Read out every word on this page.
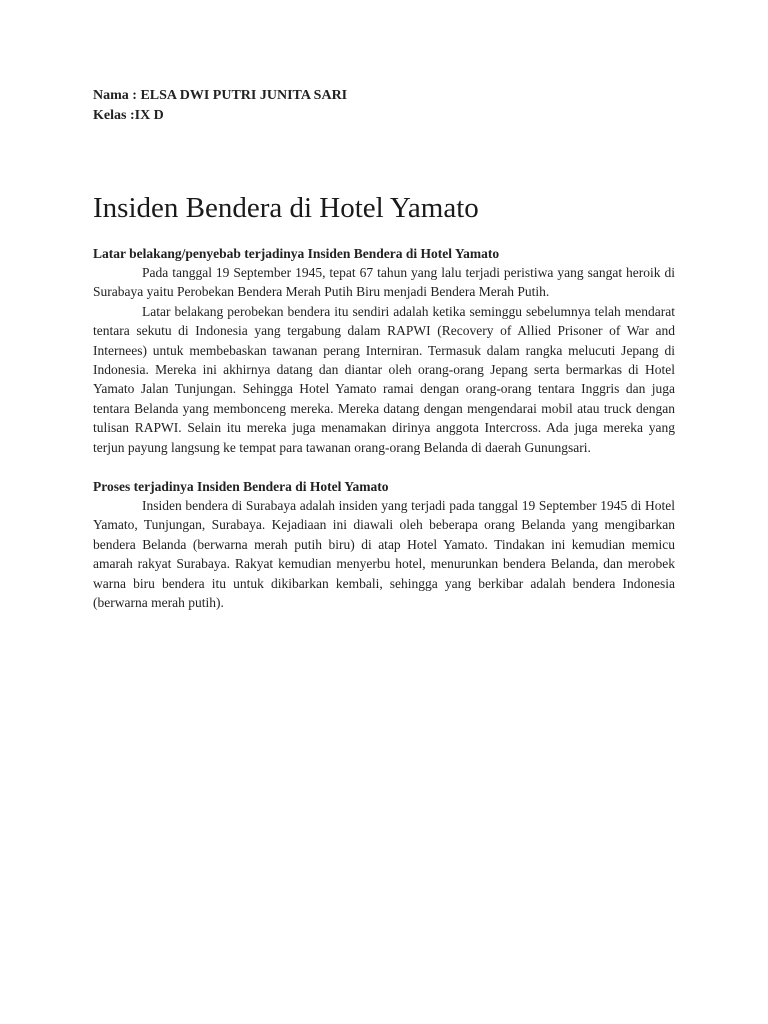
Nama : ELSA DWI PUTRI JUNITA SARI
Kelas :IX D
Insiden Bendera di Hotel Yamato
Latar belakang/penyebab terjadinya Insiden Bendera di Hotel Yamato

Pada tanggal 19 September 1945, tepat 67 tahun yang lalu terjadi peristiwa yang sangat heroik di Surabaya yaitu Perobekan Bendera Merah Putih Biru menjadi Bendera Merah Putih.

Latar belakang perobekan bendera itu sendiri adalah ketika seminggu sebelumnya telah mendarat tentara sekutu di Indonesia yang tergabung dalam RAPWI (Recovery of Allied Prisoner of War and Internees) untuk membebaskan tawanan perang Interniran. Termasuk dalam rangka melucuti Jepang di Indonesia. Mereka ini akhirnya datang dan diantar oleh orang-orang Jepang serta bermarkas di Hotel Yamato Jalan Tunjungan. Sehingga Hotel Yamato ramai dengan orang-orang tentara Inggris dan juga tentara Belanda yang membonceng mereka. Mereka datang dengan mengendarai mobil atau truck dengan tulisan RAPWI. Selain itu mereka juga menamakan dirinya anggota Intercross. Ada juga mereka yang terjun payung langsung ke tempat para tawanan orang-orang Belanda di daerah Gunungsari.

Proses terjadinya Insiden Bendera di Hotel Yamato

Insiden bendera di Surabaya adalah insiden yang terjadi pada tanggal 19 September 1945 di Hotel Yamato, Tunjungan, Surabaya. Kejadiaan ini diawali oleh beberapa orang Belanda yang mengibarkan bendera Belanda (berwarna merah putih biru) di atap Hotel Yamato. Tindakan ini kemudian memicu amarah rakyat Surabaya. Rakyat kemudian menyerbu hotel, menurunkan bendera Belanda, dan merobek warna biru bendera itu untuk dikibarkan kembali, sehingga yang berkibar adalah bendera Indonesia (berwarna merah putih).
